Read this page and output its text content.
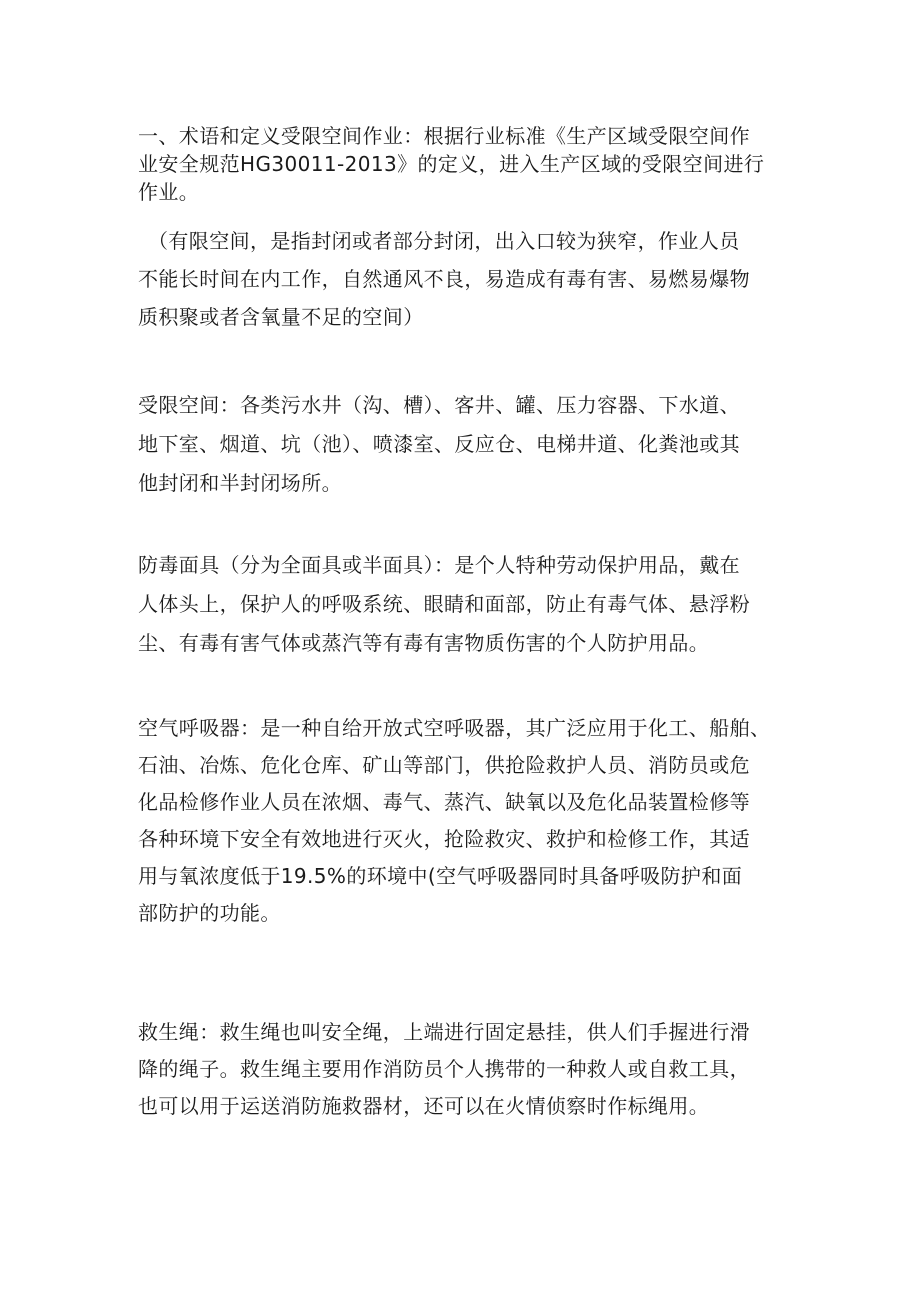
一、术语和定义受限空间作业：根据行业标准《生产区域受限空间作
业安全规范HG30011-2013》的定义，进入生产区域的受限空间进行
作业。

（有限空间，是指封闭或者部分封闭，出入口较为狭窄，作业人员
不能长时间在内工作，自然通风不良，易造成有毒有害、易燃易爆物
质积聚或者含氧量不足的空间）

受限空间：各类污水井（沟、槽）、客井、罐、压力容器、下水道、
地下室、烟道、坑（池）、喷漆室、反应仓、电梯井道、化粪池或其
他封闭和半封闭场所。

防毒面具（分为全面具或半面具）：是个人特种劳动保护用品，戴在
人体头上，保护人的呼吸系统、眼睛和面部，防止有毒气体、悬浮粉
尘、有毒有害气体或蒸汽等有毒有害物质伤害的个人防护用品。

空气呼吸器：是一种自给开放式空呼吸器，其广泛应用于化工、船舶、
石油、冶炼、危化仓库、矿山等部门，供抢险救护人员、消防员或危
化品检修作业人员在浓烟、毒气、蒸汽、缺氧以及危化品装置检修等
各种环境下安全有效地进行灭火，抢险救灾、救护和检修工作，其适
用与氧浓度低于19.5%的环境中(空气呼吸器同时具备呼吸防护和面
部防护的功能。

救生绳：救生绳也叫安全绳，上端进行固定悬挂，供人们手握进行滑
降的绳子。救生绳主要用作消防员个人携带的一种救人或自救工具，
也可以用于运送消防施救器材，还可以在火情侦察时作标绳用。
